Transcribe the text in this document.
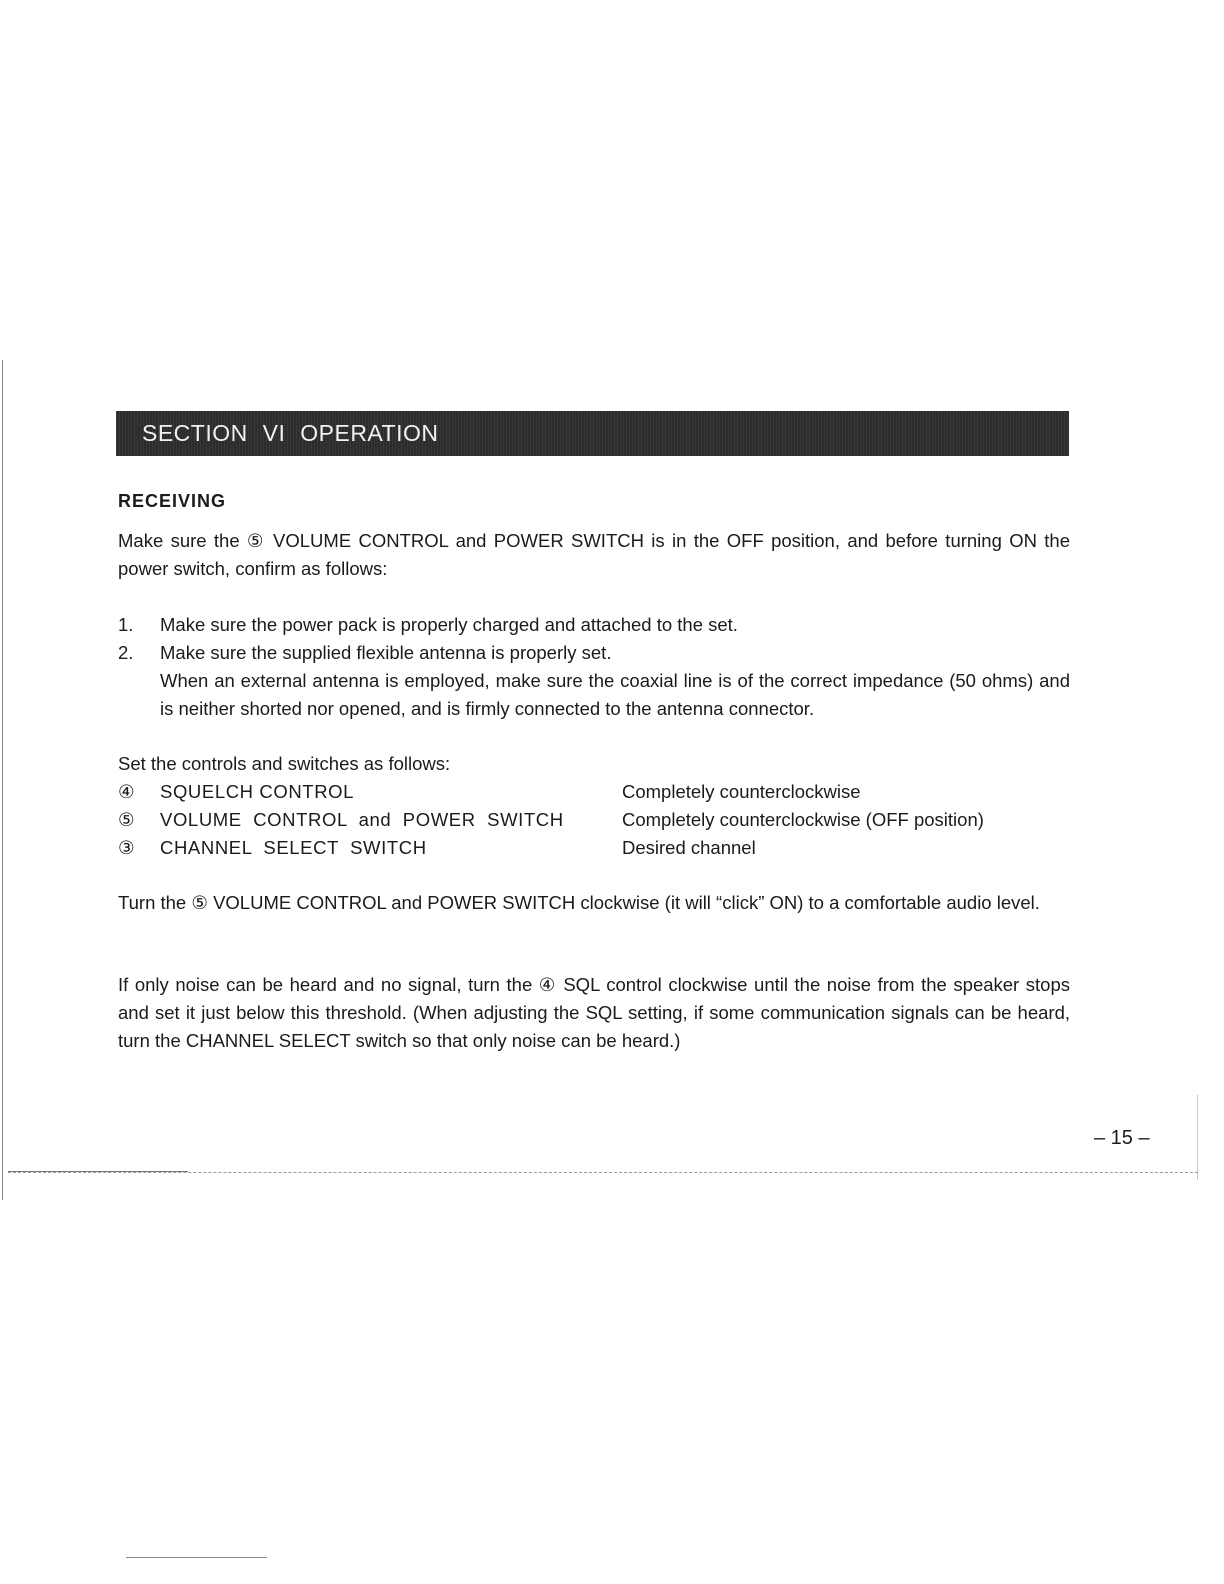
SECTION VI OPERATION
RECEIVING
Make sure the ⑤ VOLUME CONTROL and POWER SWITCH is in the OFF position, and before turning ON the power switch, confirm as follows:
1.	Make sure the power pack is properly charged and attached to the set.
2.	Make sure the supplied flexible antenna is properly set.
When an external antenna is employed, make sure the coaxial line is of the correct impedance (50 ohms) and is neither shorted nor opened, and is firmly connected to the antenna connector.
Set the controls and switches as follows:
④ SQUELCH CONTROL	Completely counterclockwise
⑤ VOLUME  CONTROL  and  POWER  SWITCH	Completely counterclockwise (OFF position)
③ CHANNEL  SELECT  SWITCH	Desired channel
Turn the ⑤ VOLUME CONTROL and POWER SWITCH clockwise (it will “click” ON) to a comfortable audio level.
If only noise can be heard and no signal, turn the ④ SQL control clockwise until the noise from the speaker stops and set it just below this threshold. (When adjusting the SQL setting, if some communication signals can be heard, turn the CHANNEL SELECT switch so that only noise can be heard.)
– 15 –
